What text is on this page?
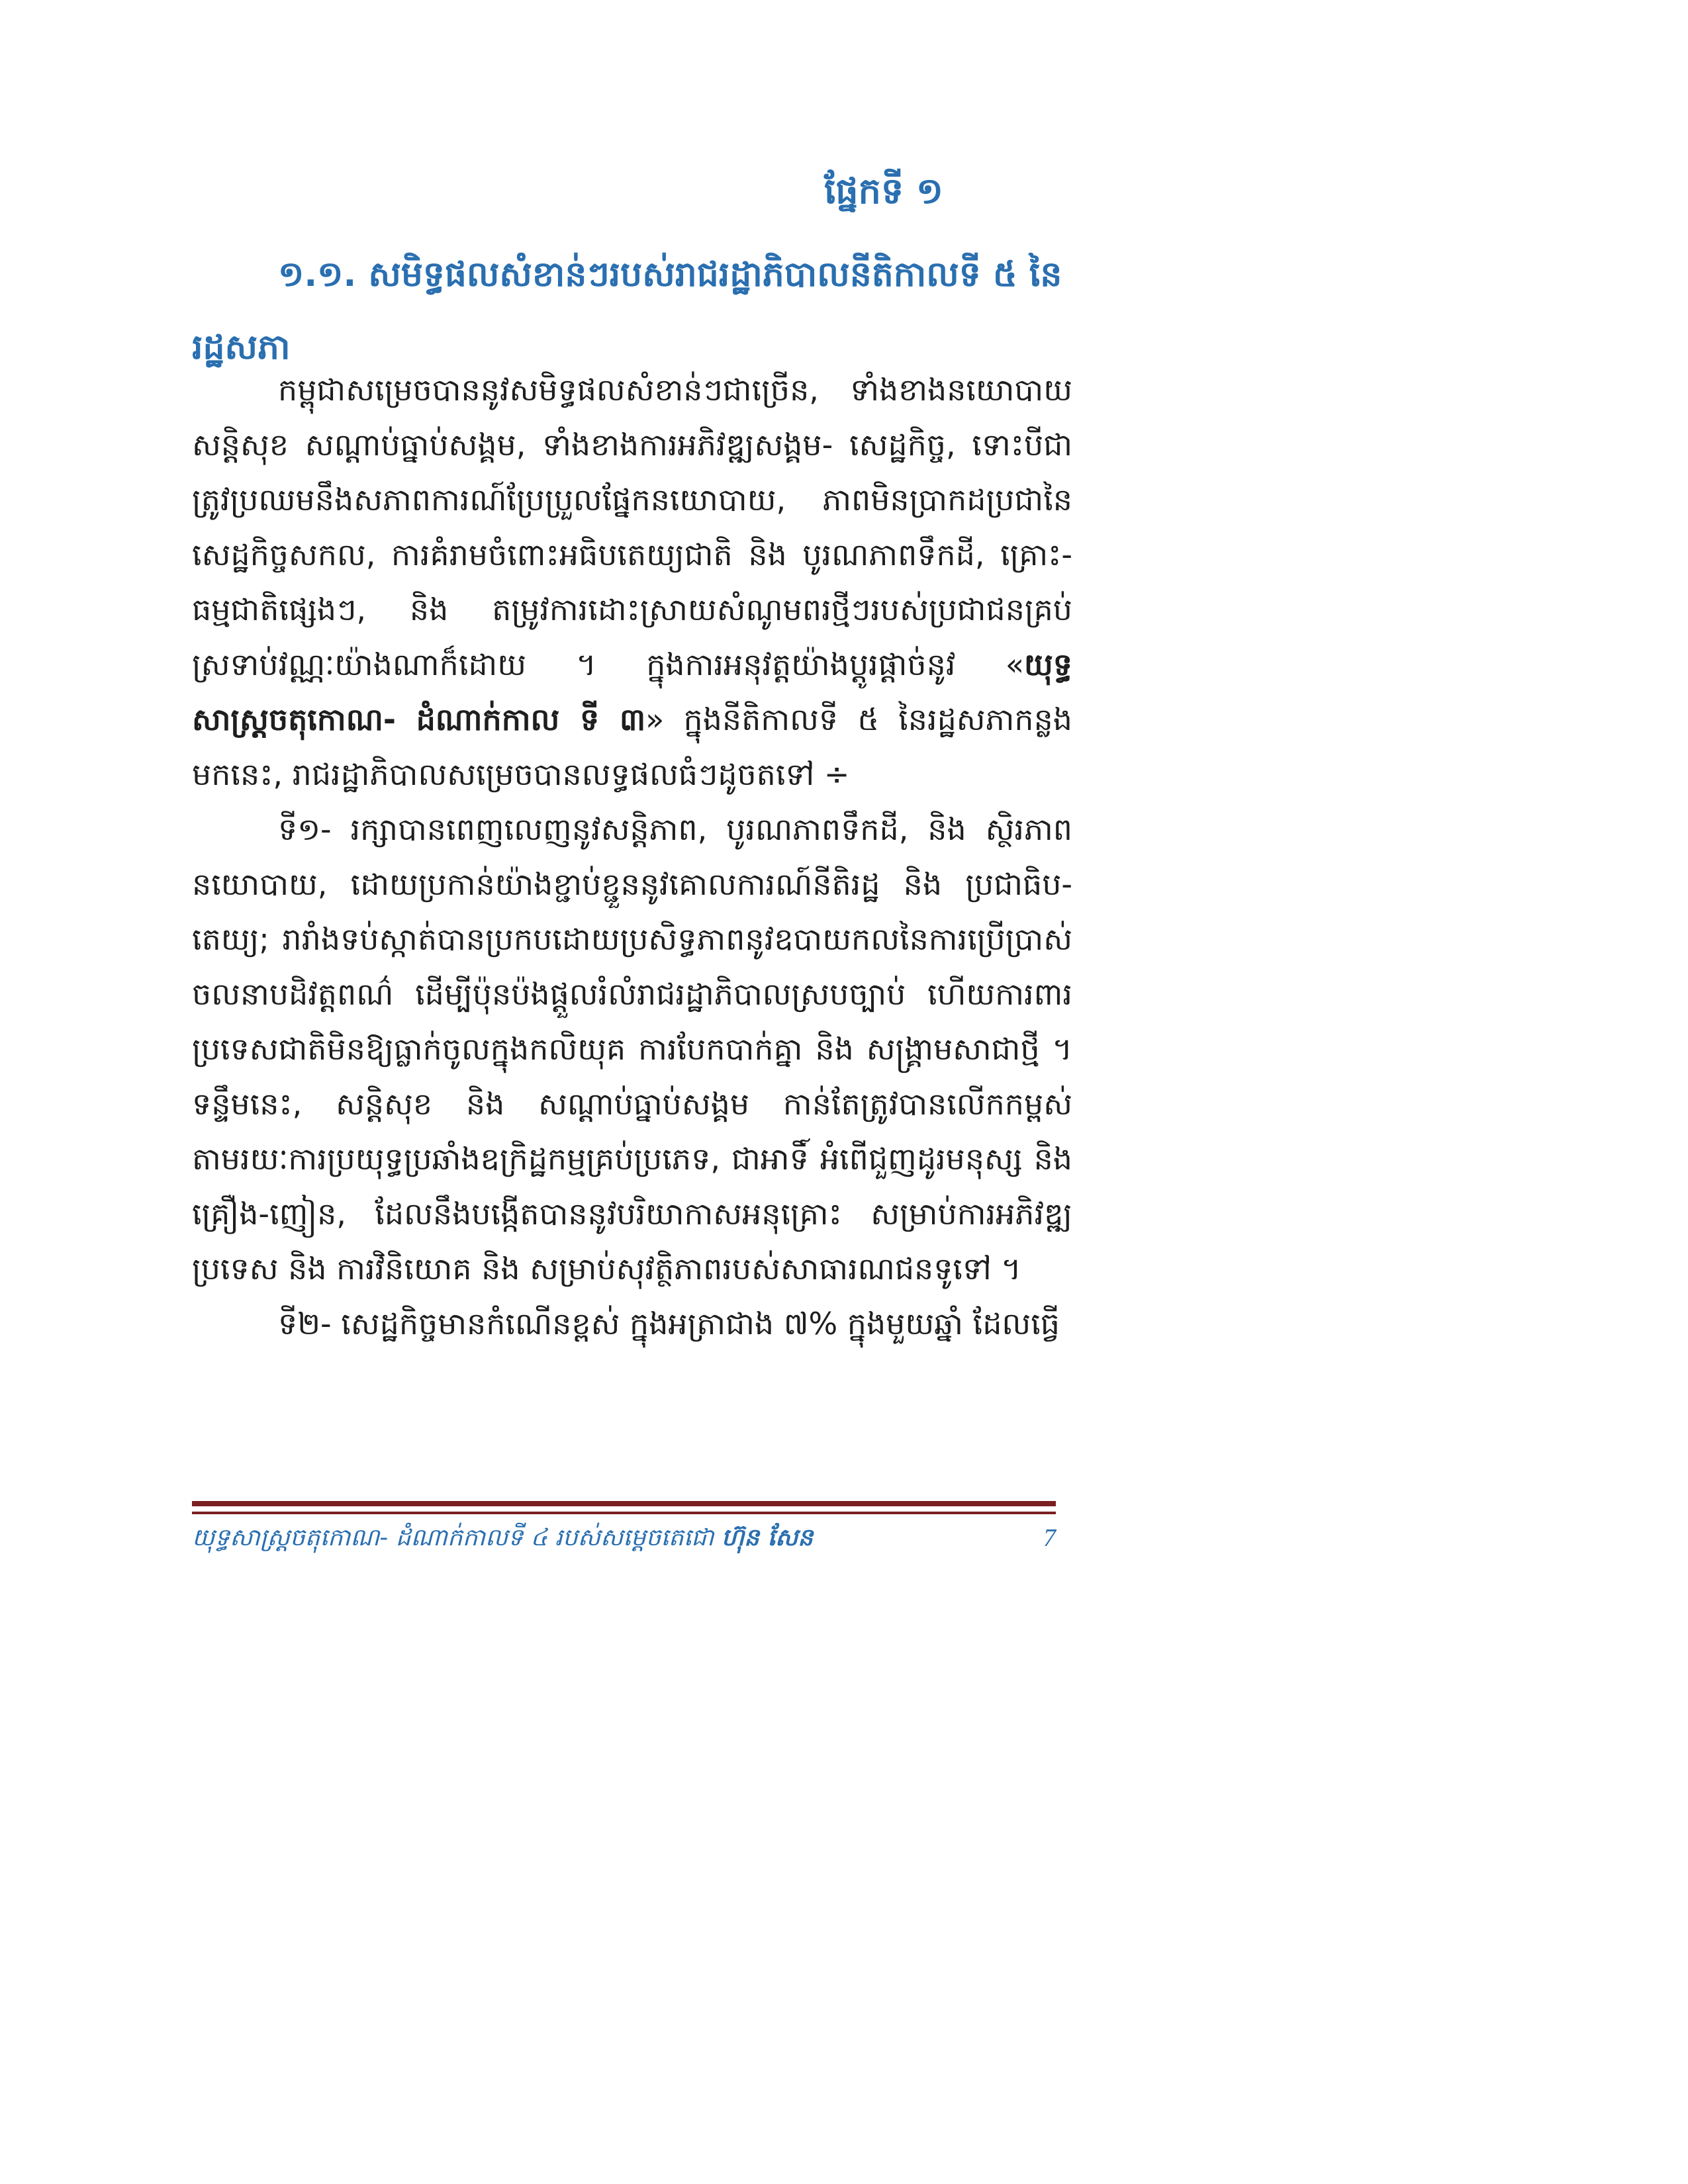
ផ្នែកទី ១
១.១. សមិទ្ធផលសំខាន់ៗរបស់រាជរដ្ឋាភិបាលនីតិកាលទី ៥ នៃរដ្ឋសភា

កម្ពុជាសម្រេចបាននូវសមិទ្ធផលសំខាន់ៗជាច្រើន, ទាំងខាងនយោបាយ សន្តិសុខ សណ្តាប់ធ្នាប់សង្គម, ទាំងខាងការអភិវឌ្ឍសង្គម- សេដ្ឋកិច្ច, ទោះបីជាត្រូវប្រឈមនឹងសភាពការណ៍ប្រែប្រួលផ្នែកនយោបាយ, ភាពមិនប្រាកដប្រជានៃសេដ្ឋកិច្ចសកល, ការគំរាមចំពោះអធិបតេយ្យជាតិ និង បូរណភាពទឹកដី, គ្រោះ-ធម្មជាតិផ្សេងៗ, និង តម្រូវការដោះស្រាយសំណូមពរថ្មីៗរបស់ប្រជាជនគ្រប់ស្រទាប់វណ្ណៈយ៉ាងណាក៏ដោយ ។ ក្នុងការអនុវត្តយ៉ាងប្ដូរផ្ដាច់នូវ «យុទ្ធសាស្ត្រចតុកោណ- ដំណាក់កាល ទី ៣» ក្នុងនីតិកាលទី ៥ នៃរដ្ឋសភាកន្លងមកនេះ, រាជរដ្ឋាភិបាលសម្រេចបានលទ្ធផលធំៗដូចតទៅ ÷

ទី១- រក្សាបានពេញលេញនូវសន្តិភាព, បូរណភាពទឹកដី, និង ស្ថិរភាពនយោបាយ, ដោយប្រកាន់យ៉ាងខ្ជាប់ខ្ជួននូវគោលការណ៍នីតិរដ្ឋ និង ប្រជាធិប-តេយ្យ; រារាំងទប់ស្កាត់បានប្រកបដោយប្រសិទ្ធភាពនូវឧបាយកលនៃការប្រើប្រាស់ចលនាបដិវត្តពណ៌ ដើម្បីប៉ុនប៉ងផ្ដួលរំលំរាជរដ្ឋាភិបាលស្របច្បាប់ ហើយការពារប្រទេសជាតិមិនឱ្យធ្លាក់ចូលក្នុងកលិយុគ ការបែកបាក់គ្នា និង សង្គ្រាមសាជាថ្មី ។ ទន្ទឹមនេះ, សន្តិសុខ និង សណ្តាប់ធ្នាប់សង្គម កាន់តែត្រូវបានលើកកម្ពស់ តាមរយៈការប្រយុទ្ធប្រឆាំងឧក្រិដ្ឋកម្មគ្រប់ប្រភេទ, ជាអាទិ៍ អំពើជួញដូរមនុស្ស និង គ្រឿង-ញៀន, ដែលនឹងបង្កើតបាននូវបរិយាកាសអនុគ្រោះ សម្រាប់ការអភិវឌ្ឍប្រទេស និង ការវិនិយោគ និង សម្រាប់សុវត្ថិភាពរបស់សាធារណជនទូទៅ ។

ទី២- សេដ្ឋកិច្ចមានកំណើនខ្ពស់ ក្នុងអត្រាជាង ៧% ក្នុងមួយឆ្នាំ ដែលធ្វើ

យុទ្ធសាស្ត្រចតុកោណ- ដំណាក់កាលទី ៤ របស់សម្តេចតេជោ ហ៊ុន សែន	7
